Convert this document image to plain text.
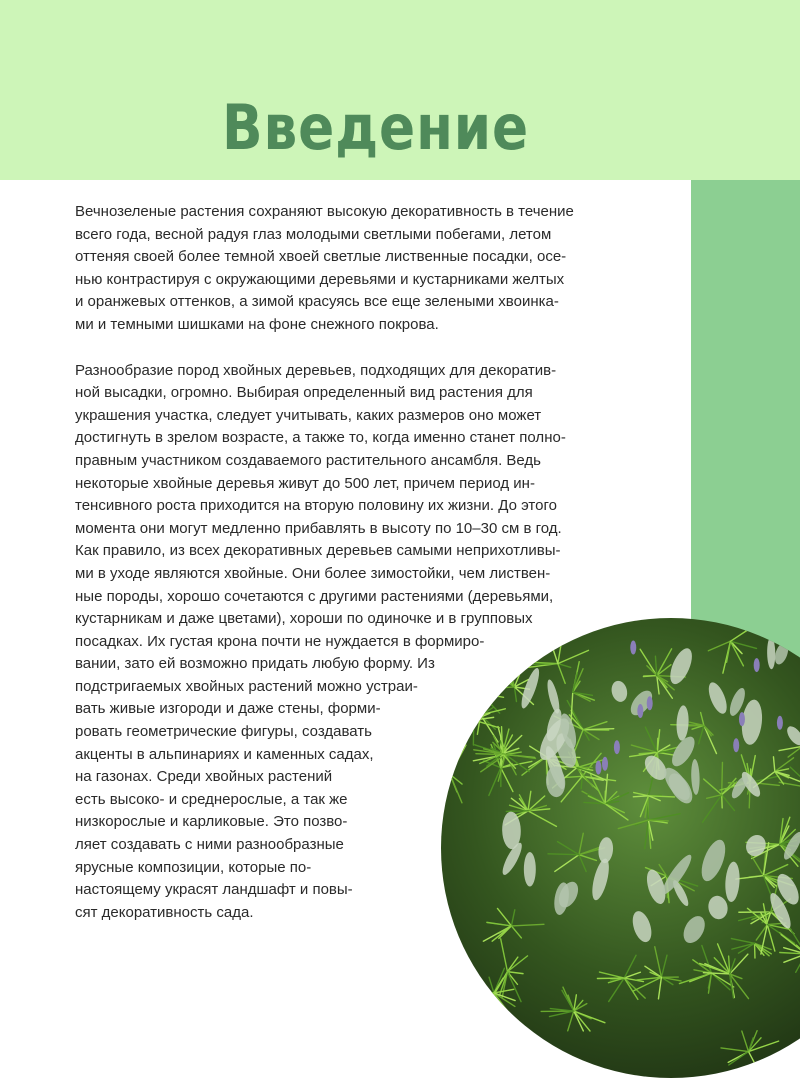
Введение

Вечнозеленые растения сохраняют высокую декоративность в течение
всего года, весной радуя глаз молодыми светлыми побегами, летом
оттеняя своей более темной хвоей светлые лиственные посадки, осе-
нью контрастируя с окружающими деревьями и кустарниками желтых
и оранжевых оттенков, а зимой красуясь все еще зелеными хвоинка-
ми и темными шишками на фоне снежного покрова.

Разнообразие пород хвойных деревьев, подходящих для декоратив-
ной высадки, огромно. Выбирая определенный вид растения для
украшения участка, следует учитывать, каких размеров оно может
достигнуть в зрелом возрасте, а также то, когда именно станет полно-
правным участником создаваемого растительного ансамбля. Ведь
некоторые хвойные деревья живут до 500 лет, причем период ин-
тенсивного роста приходится на вторую половину их жизни. До этого
момента они могут медленно прибавлять в высоту по 10–30 см в год.
Как правило, из всех декоративных деревьев самыми неприхотливы-
ми в уходе являются хвойные. Они более зимостойки, чем листвен-
ные породы, хорошо сочетаются с другими растениями (деревьями,
кустарникам и даже цветами), хороши по одиночке и в групповых
посадках. Их густая крона почти не нуждается в формиро-
вании, зато ей возможно придать любую форму. Из
подстригаемых хвойных растений можно устраи-
вать живые изгороди и даже стены, форми-
ровать геометрические фигуры, создавать
акценты в альпинариях и каменных садах,
на газонах. Среди хвойных растений
есть высоко- и среднерослые, а так же
низкорослые и карликовые. Это позво-
ляет создавать с ними разнообразные
ярусные композиции, которые по-
настоящему украсят ландшафт и повы-
сят декоративность сада.
